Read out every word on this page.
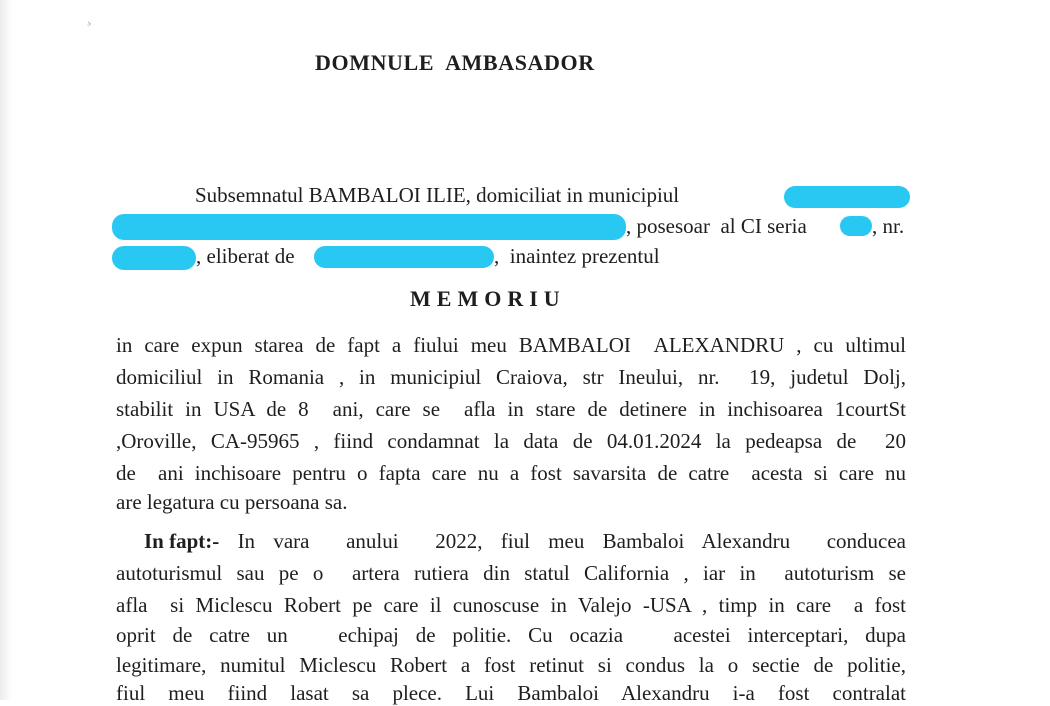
¸
DOMNULE  AMBASADOR
Subsemnatul BAMBALOI ILIE, domiciliat in municipiul
, posesoar  al CI seria	, nr.
, eliberat de	,  inaintez prezentul
MEMORIU
in care expun starea de fapt a fiului meu BAMBALOI  ALEXANDRU , cu ultimul
domiciliul in Romania , in municipiul Craiova, str Ineului, nr.  19, judetul Dolj,
stabilit in USA de 8  ani, care se  afla in stare de detinere in inchisoarea 1courtSt
,Oroville, CA-95965 , fiind condamnat la data de 04.01.2024 la pedeapsa de  20
de  ani inchisoare pentru o fapta care nu a fost savarsita de catre  acesta si care nu
are legatura cu persoana sa.
In fapt:- In vara  anului  2022, fiul meu Bambaloi Alexandru  conducea
autoturismul sau pe o  artera rutiera din statul California , iar in  autoturism se
afla  si Miclescu Robert pe care il cunoscuse in Valejo -USA , timp in care  a fost
oprit de catre un   echipaj de politie. Cu ocazia   acestei interceptari, dupa
legitimare, numitul Miclescu Robert a fost retinut si condus la o sectie de politie,
fiul meu fiind lasat sa plece. Lui Bambaloi Alexandru i-a fost contralat
